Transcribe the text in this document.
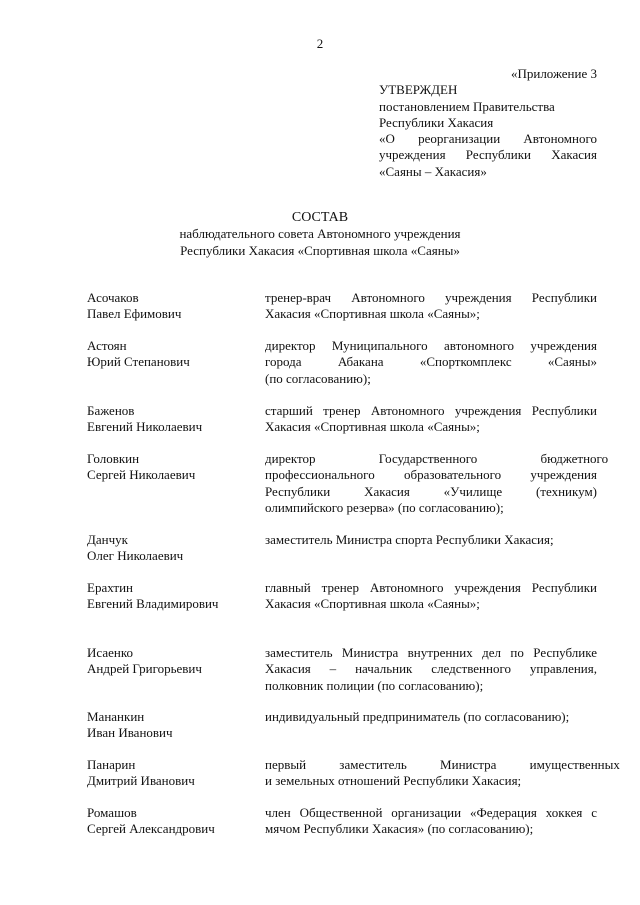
2
«Приложение 3
УТВЕРЖДЕН
постановлением Правительства
Республики Хакасия
«О реорганизации Автономного
учреждения Республики Хакасия
«Саяны – Хакасия»
СОСТАВ
наблюдательного совета Автономного учреждения
Республики Хакасия «Спортивная школа «Саяны»
Асочаков
Павел Ефимович
тренер-врач Автономного учреждения Республики
Хакасия «Спортивная школа «Саяны»;
Астоян
Юрий Степанович
директор Муниципального автономного учреждения
города Абакана «Спорткомплекс «Саяны»
(по согласованию);
Баженов
Евгений Николаевич
старший тренер Автономного учреждения Республики
Хакасия «Спортивная школа «Саяны»;
Головкин
Сергей Николаевич
директор Государственного бюджетного
профессионального образовательного учреждения
Республики Хакасия «Училище (техникум)
олимпийского резерва» (по согласованию);
Данчук
Олег Николаевич
заместитель Министра спорта Республики Хакасия;
Ерахтин
Евгений Владимирович
главный тренер Автономного учреждения Республики
Хакасия «Спортивная школа «Саяны»;
Исаенко
Андрей Григорьевич
заместитель Министра внутренних дел по Республике
Хакасия – начальник следственного управления,
полковник полиции (по согласованию);
Мананкин
Иван Иванович
индивидуальный предприниматель (по согласованию);
Панарин
Дмитрий Иванович
первый заместитель Министра имущественных
и земельных отношений Республики Хакасия;
Ромашов
Сергей Александрович
член Общественной организации «Федерация хоккея с
мячом Республики Хакасия» (по согласованию);
